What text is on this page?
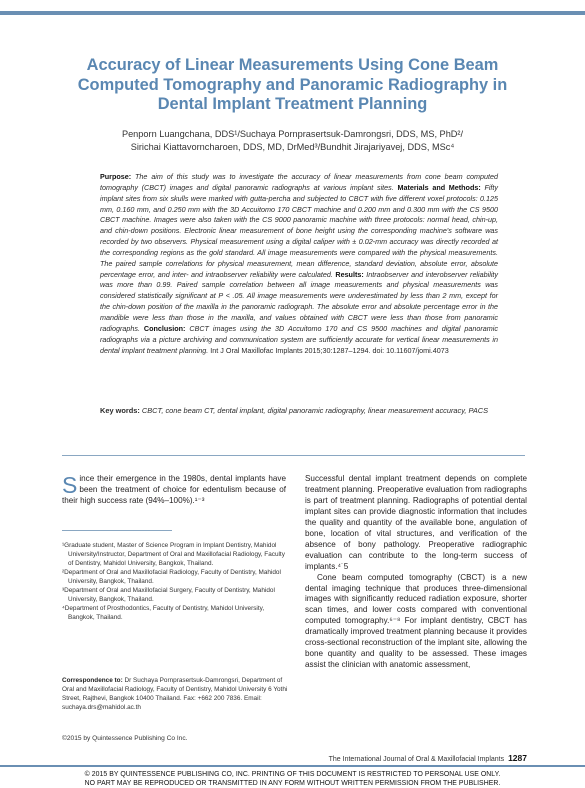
Accuracy of Linear Measurements Using Cone Beam Computed Tomography and Panoramic Radiography in Dental Implant Treatment Planning
Penporn Luangchana, DDS¹/Suchaya Pornprasertsuk-Damrongsri, DDS, MS, PhD²/
Sirichai Kiattavorncharoen, DDS, MD, DrMed³/Bundhit Jirajariyavej, DDS, MSc⁴
Purpose: The aim of this study was to investigate the accuracy of linear measurements from cone beam computed tomography (CBCT) images and digital panoramic radiographs at various implant sites. Materials and Methods: Fifty implant sites from six skulls were marked with gutta-percha and subjected to CBCT with five different voxel protocols: 0.125 mm, 0.160 mm, and 0.250 mm with the 3D Accuitomo 170 CBCT machine and 0.200 mm and 0.300 mm with the CS 9500 CBCT machine. Images were also taken with the CS 9000 panoramic machine with three protocols: normal head, chin-up, and chin-down positions. Electronic linear measurement of bone height using the corresponding machine's software was recorded by two observers. Physical measurement using a digital caliper with ± 0.02-mm accuracy was directly recorded at the corresponding regions as the gold standard. All image measurements were compared with the physical measurements. The paired sample correlations for physical measurement, mean difference, standard deviation, absolute error, absolute percentage error, and inter- and intraobserver reliability were calculated. Results: Intraobserver and interobserver reliability was more than 0.99. Paired sample correlation between all image measurements and physical measurements was considered statistically significant at P < .05. All image measurements were underestimated by less than 2 mm, except for the chin-down position of the maxilla in the panoramic radiograph. The absolute error and absolute percentage error in the mandible were less than those in the maxilla, and values obtained with CBCT were less than those from panoramic radiographs. Conclusion: CBCT images using the 3D Accuitomo 170 and CS 9500 machines and digital panoramic radiographs via a picture archiving and communication system are sufficiently accurate for vertical linear measurements in dental implant treatment planning. Int J Oral Maxillofac Implants 2015;30:1287–1294. doi: 10.11607/jomi.4073
Key words: CBCT, cone beam CT, dental implant, digital panoramic radiography, linear measurement accuracy, PACS

Since their emergence in the 1980s, dental implants have been the treatment of choice for edentulism because of their high success rate (94%–100%).¹⁻³

¹Graduate student, Master of Science Program in Implant Dentistry, Mahidol University/Instructor, Department of Oral and Maxillofacial Radiology, Faculty of Dentistry, Mahidol University, Bangkok, Thailand.

²Department of Oral and Maxillofacial Radiology, Faculty of Dentistry, Mahidol University, Bangkok, Thailand.

³Department of Oral and Maxillofacial Surgery, Faculty of Dentistry, Mahidol University, Bangkok, Thailand.

⁴Department of Prosthodontics, Faculty of Dentistry, Mahidol University, Bangkok, Thailand.

Correspondence to: Dr Suchaya Pornprasertsuk-Damrongsri, Department of Oral and Maxillofacial Radiology, Faculty of Dentistry, Mahidol University 6 Yothi Street, Rajthevi, Bangkok 10400 Thailand. Fax: +662 200 7836. Email: suchaya.drs@mahidol.ac.th
©2015 by Quintessence Publishing Co Inc.

Successful dental implant treatment depends on complete treatment planning. Preoperative evaluation from radiographs is part of treatment planning. Radiographs of potential dental implant sites can provide diagnostic information that includes the quality and quantity of the available bone, angulation of bone, location of vital structures, and verification of the absence of bony pathology. Preoperative radiographic evaluation can contribute to the long-term success of implants.⁴˙5

Cone beam computed tomography (CBCT) is a new dental imaging technique that produces three-dimensional images with significantly reduced radiation exposure, shorter scan times, and lower costs compared with conventional computed tomography.⁶⁻⁸ For implant dentistry, CBCT has dramatically improved treatment planning because it provides cross-sectional reconstruction of the implant site, allowing the bone quantity and quality to be assessed. These images assist the clinician with anatomic assessment,

The International Journal of Oral & Maxillofacial Implants 1287
© 2015 BY QUINTESSENCE PUBLISHING CO, INC. PRINTING OF THIS DOCUMENT IS RESTRICTED TO PERSONAL USE ONLY.
NO PART MAY BE REPRODUCED OR TRANSMITTED IN ANY FORM WITHOUT WRITTEN PERMISSION FROM THE PUBLISHER.
